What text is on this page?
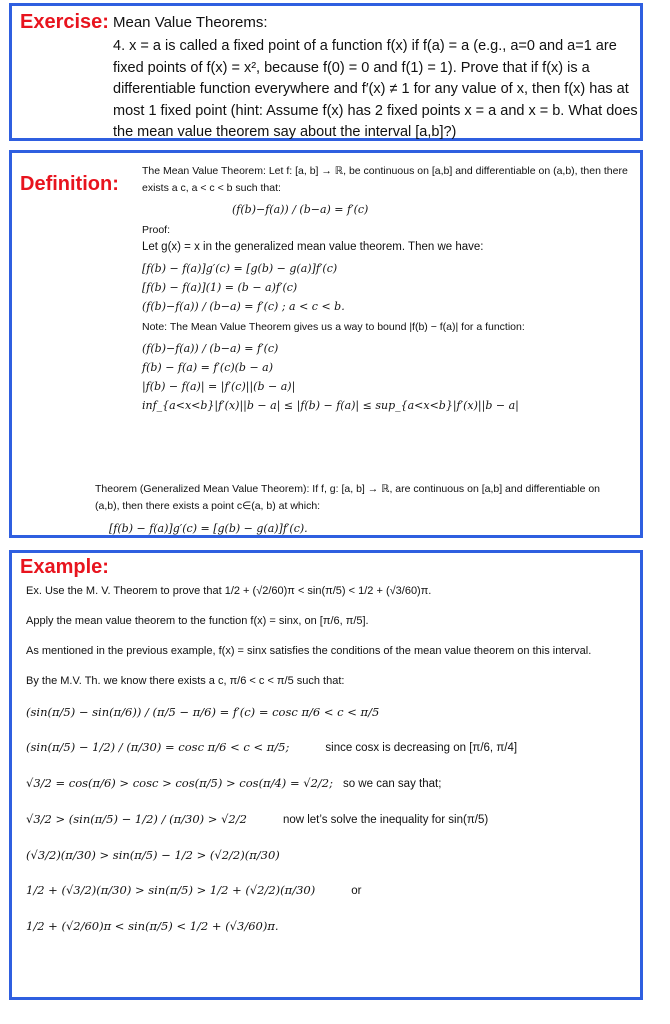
Exercise: Mean Value Theorems:
4. x = a is called a fixed point of a function f(x) if f(a) = a (e.g., a=0 and a=1 are fixed points of f(x) = x², because f(0) = 0 and f(1) = 1). Prove that if f(x) is a differentiable function everywhere and f′(x) ≠ 1 for any value of x, then f(x) has at most 1 fixed point (hint: Assume f(x) has 2 fixed points x = a and x = b. What does the mean value theorem say about the interval [a,b]?)
Definition:

The Mean Value Theorem: Let f: [a, b] → ℝ, be continuous on [a,b] and differentiable on (a,b), then there exists a c, a < c < b such that:

(f(b)−f(a)) / (b−a) = f′(c)

Proof:

Let g(x) = x in the generalized mean value theorem. Then we have:

[f(b) − f(a)]g′(c) = [g(b) − g(a)]f′(c)

[f(b) − f(a)](1) = (b − a)f′(c)

(f(b)−f(a)) / (b−a) = f′(c) ; a < c < b.

Note: The Mean Value Theorem gives us a way to bound |f(b) − f(a)| for a function:

(f(b)−f(a)) / (b−a) = f′(c)

f(b) − f(a) = f′(c)(b − a)

|f(b) − f(a)| = |f′(c)||(b − a)|

inf_{a<x<b}|f′(x)||b − a| ≤ |f(b) − f(a)| ≤ sup_{a<x<b}|f′(x)||b − a|

Theorem (Generalized Mean Value Theorem): If f, g: [a, b] → ℝ, are continuous on [a,b] and differentiable on (a,b), then there exists a point c∈(a, b) at which:

[f(b) − f(a)]g′(c) = [g(b) − g(a)]f′(c).

Example:

Ex. Use the M. V. Theorem to prove that 1/2 + (√2/60)π < sin(π/5) < 1/2 + (√3/60)π.

Apply the mean value theorem to the function f(x) = sinx, on [π/6, π/5].

As mentioned in the previous example, f(x) = sinx satisfies the conditions of the mean value theorem on this interval.

By the M.V. Th. we know there exists a c, π/6 < c < π/5 such that:

(sin(π/5) − sin(π/6)) / (π/5 − π/6) = f′(c) = cosc π/6 < c < π/5
(sin(π/5) − 1/2) / (π/30) = cosc π/6 < c < π/5;	since cosx is decreasing on [π/6, π/4]
√3/2 = cos(π/6) > cosc > cos(π/5) > cos(π/4) = √2/2; so we can say that;
√3/2 > (sin(π/5) − 1/2) / (π/30) > √2/2	now let’s solve the inequality for sin(π/5)
(√3/2)(π/30) > sin(π/5) − 1/2 > (√2/2)(π/30)
1/2 + (√3/2)(π/30) > sin(π/5) > 1/2 + (√2/2)(π/30)	or
1/2 + (√2/60)π < sin(π/5) < 1/2 + (√3/60)π.
